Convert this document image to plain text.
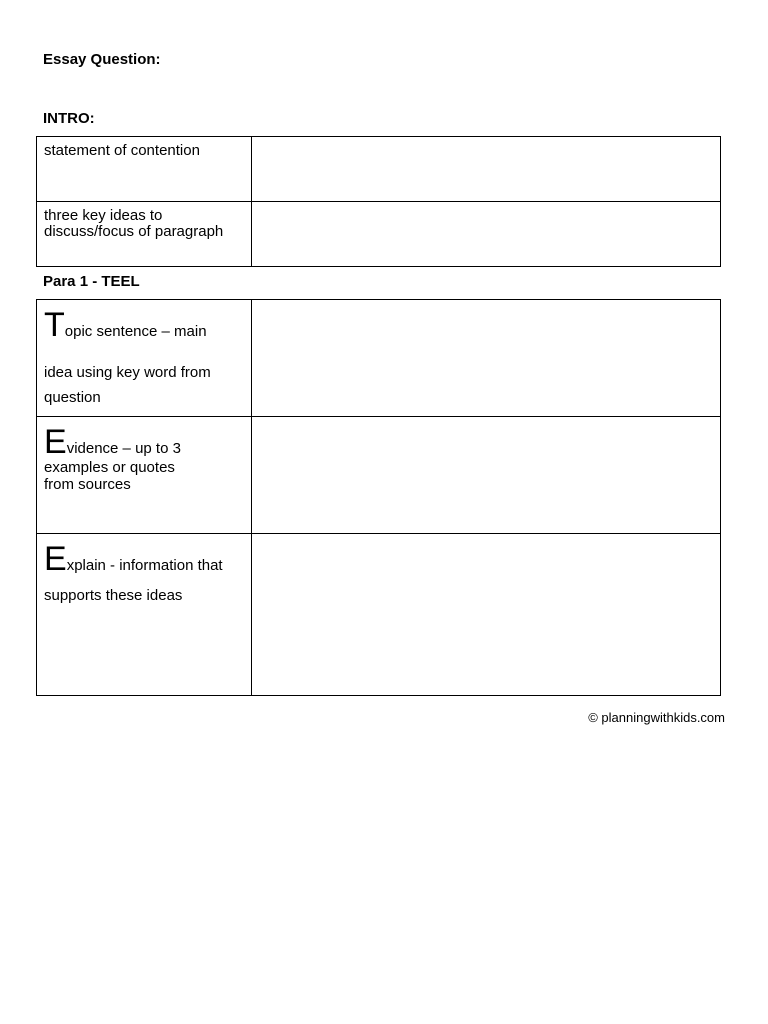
Essay Question:

INTRO:

statement of contention	

three key ideas to
discuss/focus of paragraph	

Para 1 - TEEL

Topic sentence – main
idea using key word from
question	

Evidence – up to 3
examples or quotes
from sources	

Explain - information that
supports these ideas	

© planningwithkids.com
